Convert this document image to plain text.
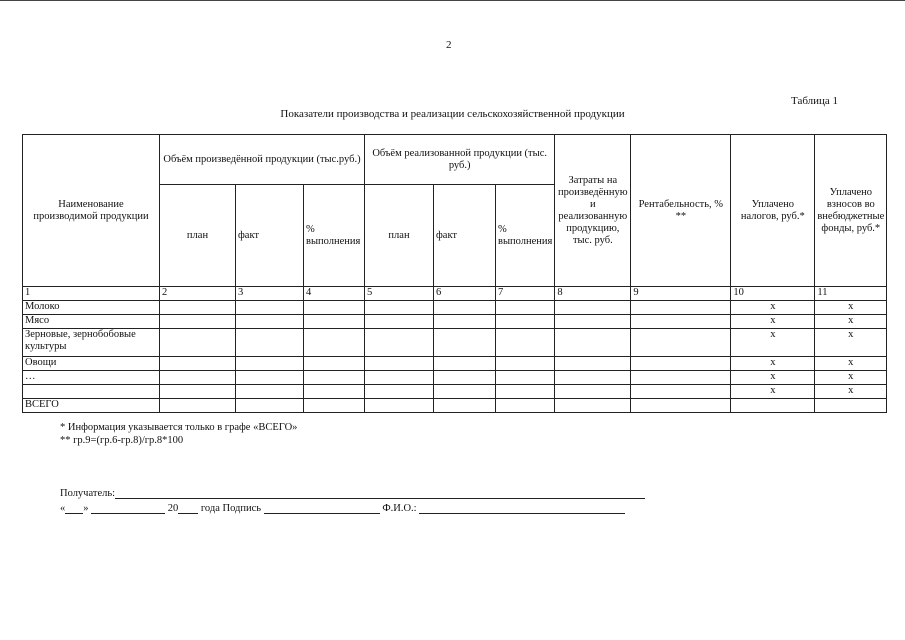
2
Таблица 1
Показатели производства и реализации сельскохозяйственной продукции
Наименование производимой продукции	Объём произведённой продукции (тыс.руб.)			Объём реализованной продукции (тыс. руб.)			Затраты на произведённую и реализованную продукцию, тыс. руб.	Рентабельность, % **	Уплачено налогов, руб.*	Уплачено взносов во внебюджетные фонды, руб.*
	план	факт	% выполнения	план	факт	% выполнения				
1	2	3	4	5	6	7	8	9	10	11
Молоко									x	x
Мясо									x	x
Зерновые, зернобобовые культуры									x	x
Овощи									x	x
…									x	x
									x	x
ВСЕГО										
* Информация указывается только в графе «ВСЕГО»
** гр.9=(гр.6-гр.8)/гр.8*100
Получатель:
« »	20 года Подпись	Ф.И.О.:
